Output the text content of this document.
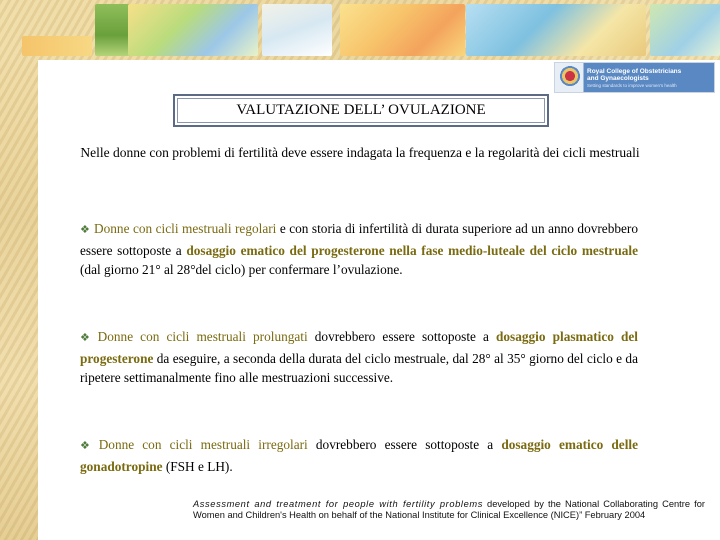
Royal College of Obstetricians
and Gynaecologists
Setting standards to improve women's health
VALUTAZIONE DELL’ OVULAZIONE
Nelle donne con problemi di fertilità deve essere indagata la frequenza e la regolarità dei cicli mestruali
❖ Donne con cicli mestruali regolari e con storia di infertilità di durata superiore ad un anno dovrebbero essere sottoposte a dosaggio ematico del progesterone nella fase medio-luteale del ciclo mestruale (dal giorno 21° al 28°del ciclo) per confermare l’ovulazione.
❖ Donne con cicli mestruali prolungati dovrebbero essere sottoposte a dosaggio plasmatico del progesterone da eseguire, a seconda della durata del ciclo mestruale, dal 28° al 35° giorno del ciclo e da ripetere settimanalmente fino alle mestruazioni successive.
❖ Donne con cicli mestruali irregolari dovrebbero essere sottoposte a dosaggio ematico delle gonadotropine (FSH e LH).
Assessment and treatment for people with fertility problems developed by the National Collaborating Centre for Women and Children's Health on behalf of the National Institute for Clinical Excellence (NICE)” February 2004
